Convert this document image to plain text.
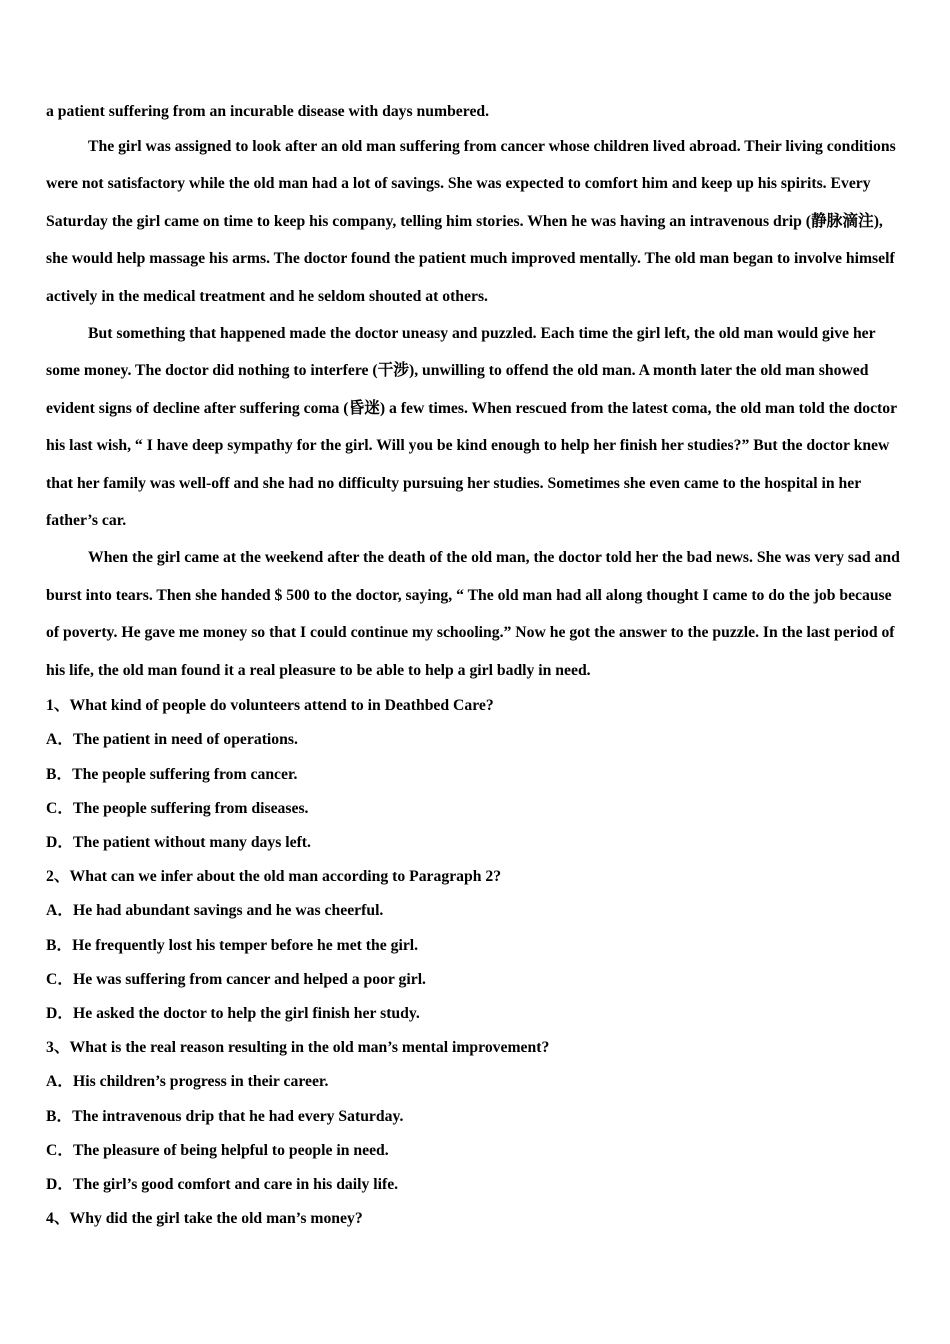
a patient suffering from an incurable disease with days numbered.

The girl was assigned to look after an old man suffering from cancer whose children lived abroad. Their living conditions were not satisfactory while the old man had a lot of savings. She was expected to comfort him and keep up his spirits. Every Saturday the girl came on time to keep his company, telling him stories. When he was having an intravenous drip (静脉滴注), she would help massage his arms. The doctor found the patient much improved mentally. The old man began to involve himself actively in the medical treatment and he seldom shouted at others.

But something that happened made the doctor uneasy and puzzled. Each time the girl left, the old man would give her some money. The doctor did nothing to interfere (干涉), unwilling to offend the old man. A month later the old man showed evident signs of decline after suffering coma (昏迷) a few times. When rescued from the latest coma, the old man told the doctor his last wish, “ I have deep sympathy for the girl. Will you be kind enough to help her finish her studies?” But the doctor knew that her family was well-off and she had no difficulty pursuing her studies. Sometimes she even came to the hospital in her father’s car.

When the girl came at the weekend after the death of the old man, the doctor told her the bad news. She was very sad and burst into tears. Then she handed $ 500 to the doctor, saying, “ The old man had all along thought I came to do the job because of poverty. He gave me money so that I could continue my schooling.” Now he got the answer to the puzzle. In the last period of his life, the old man found it a real pleasure to be able to help a girl badly in need.

1、What kind of people do volunteers attend to in Deathbed Care?

A．The patient in need of operations.

B．The people suffering from cancer.

C．The people suffering from diseases.

D．The patient without many days left.

2、What can we infer about the old man according to Paragraph 2?

A．He had abundant savings and he was cheerful.

B．He frequently lost his temper before he met the girl.

C．He was suffering from cancer and helped a poor girl.

D．He asked the doctor to help the girl finish her study.

3、What is the real reason resulting in the old man’s mental improvement?

A．His children’s progress in their career.

B．The intravenous drip that he had every Saturday.

C．The pleasure of being helpful to people in need.

D．The girl’s good comfort and care in his daily life.

4、Why did the girl take the old man’s money?
